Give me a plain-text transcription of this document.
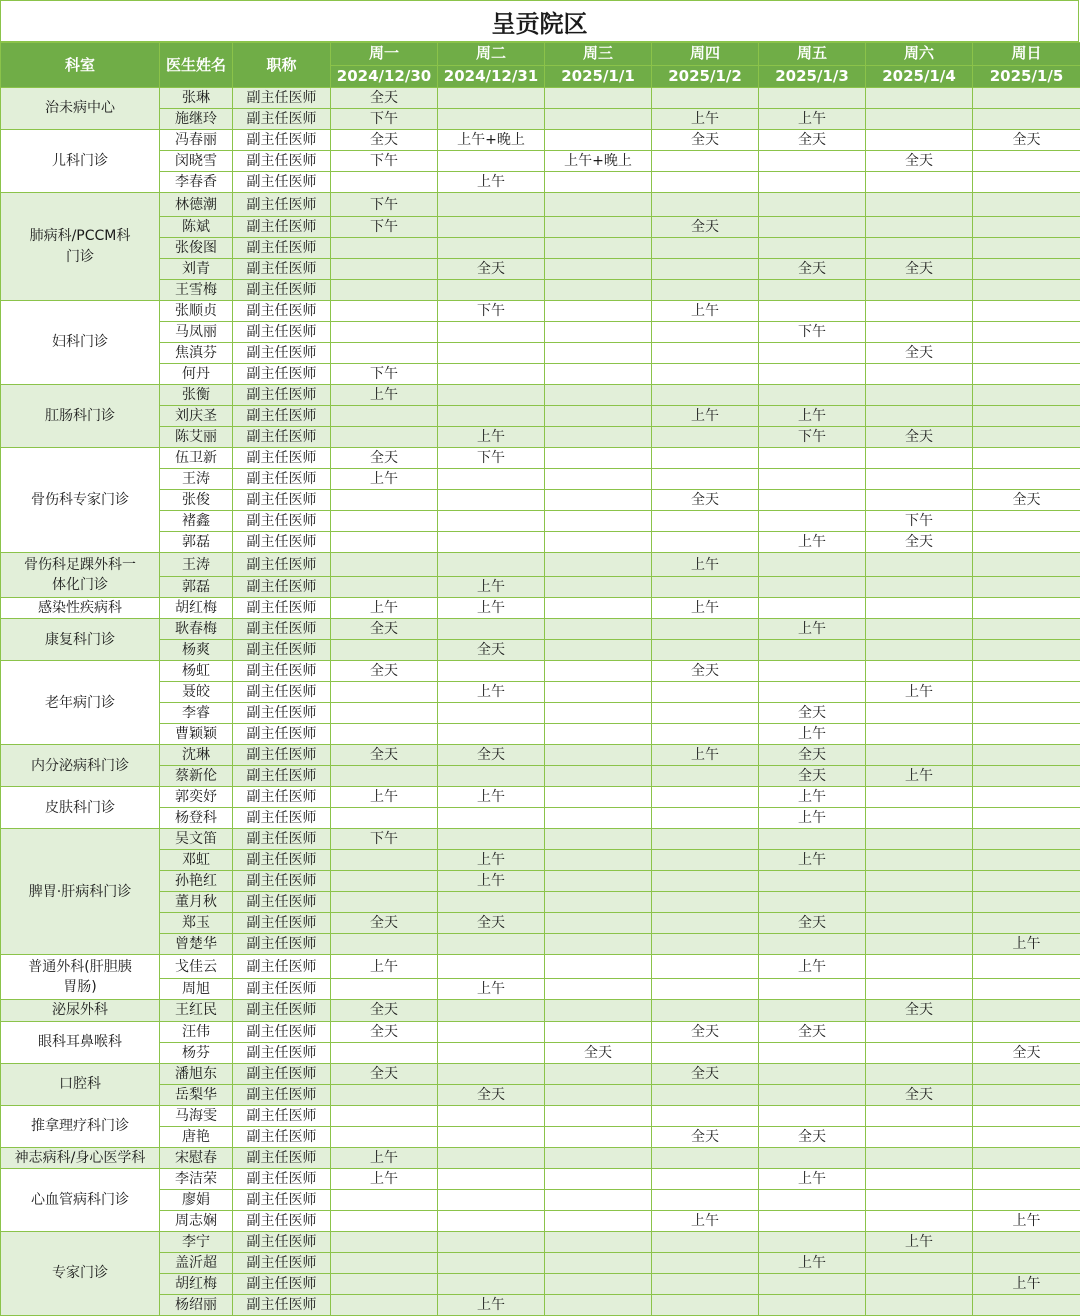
呈贡院区
科室	医生姓名	职称	周一	周二	周三	周四	周五	周六	周日
			2024/12/30	2024/12/31	2025/1/1	2025/1/2	2025/1/3	2025/1/4	2025/1/5
治未病中心	张琳	副主任医师	全天						
	施继玲	副主任医师	下午			上午	上午		
儿科门诊	冯春丽	副主任医师	全天	上午+晚上		全天	全天		全天
	闵晓雪	副主任医师	下午		上午+晚上			全天	
	李春香	副主任医师		上午					
肺病科/PCCM科门诊	林德潮	副主任医师	下午						
	陈斌	副主任医师	下午			全天			
	张俊图	副主任医师							
	刘青	副主任医师		全天			全天	全天	
	王雪梅	副主任医师							
妇科门诊	张顺贞	副主任医师		下午		上午			
	马凤丽	副主任医师					下午		
	焦滇芬	副主任医师						全天	
	何丹	副主任医师	下午						
肛肠科门诊	张衡	副主任医师	上午						
	刘庆圣	副主任医师				上午	上午		
	陈艾丽	副主任医师		上午			下午	全天	
骨伤科专家门诊	伍卫新	副主任医师	全天	下午					
	王涛	副主任医师	上午						
	张俊	副主任医师				全天			全天
	褚鑫	副主任医师						下午	
	郭磊	副主任医师					上午	全天	
骨伤科足踝外科一体化门诊	王涛	副主任医师				上午			
	郭磊	副主任医师		上午					
感染性疾病科	胡红梅	副主任医师	上午	上午		上午			
康复科门诊	耿春梅	副主任医师	全天				上午		
	杨爽	副主任医师		全天					
老年病门诊	杨虹	副主任医师	全天			全天			
	聂皎	副主任医师		上午				上午	
	李睿	副主任医师					全天		
	曹颖颖	副主任医师					上午		
内分泌病科门诊	沈琳	副主任医师	全天	全天		上午	全天		
	蔡新伦	副主任医师					全天	上午	
皮肤科门诊	郭奕妤	副主任医师	上午	上午			上午		
	杨登科	副主任医师					上午		
脾胃·肝病科门诊	吴文笛	副主任医师	下午						
	邓虹	副主任医师		上午			上午		
	孙艳红	副主任医师		上午					
	董月秋	副主任医师							
	郑玉	副主任医师	全天	全天			全天		
	曾楚华	副主任医师							上午
普通外科(肝胆胰胃肠)	戈佳云	副主任医师	上午				上午		
	周旭	副主任医师		上午					
泌尿外科	王红民	副主任医师	全天					全天	
眼科耳鼻喉科	汪伟	副主任医师	全天			全天	全天		
	杨芬	副主任医师			全天				全天
口腔科	潘旭东	副主任医师	全天			全天			
	岳梨华	副主任医师		全天				全天	
推拿理疗科门诊	马海雯	副主任医师							
	唐艳	副主任医师				全天	全天		
神志病科/身心医学科	宋慰春	副主任医师	上午						
心血管病科门诊	李洁荣	副主任医师	上午				上午		
	廖娟	副主任医师							
	周志娴	副主任医师				上午			上午
专家门诊	李宁	副主任医师						上午	
	盖沂超	副主任医师					上午		
	胡红梅	副主任医师							上午
	杨绍丽	副主任医师		上午					
